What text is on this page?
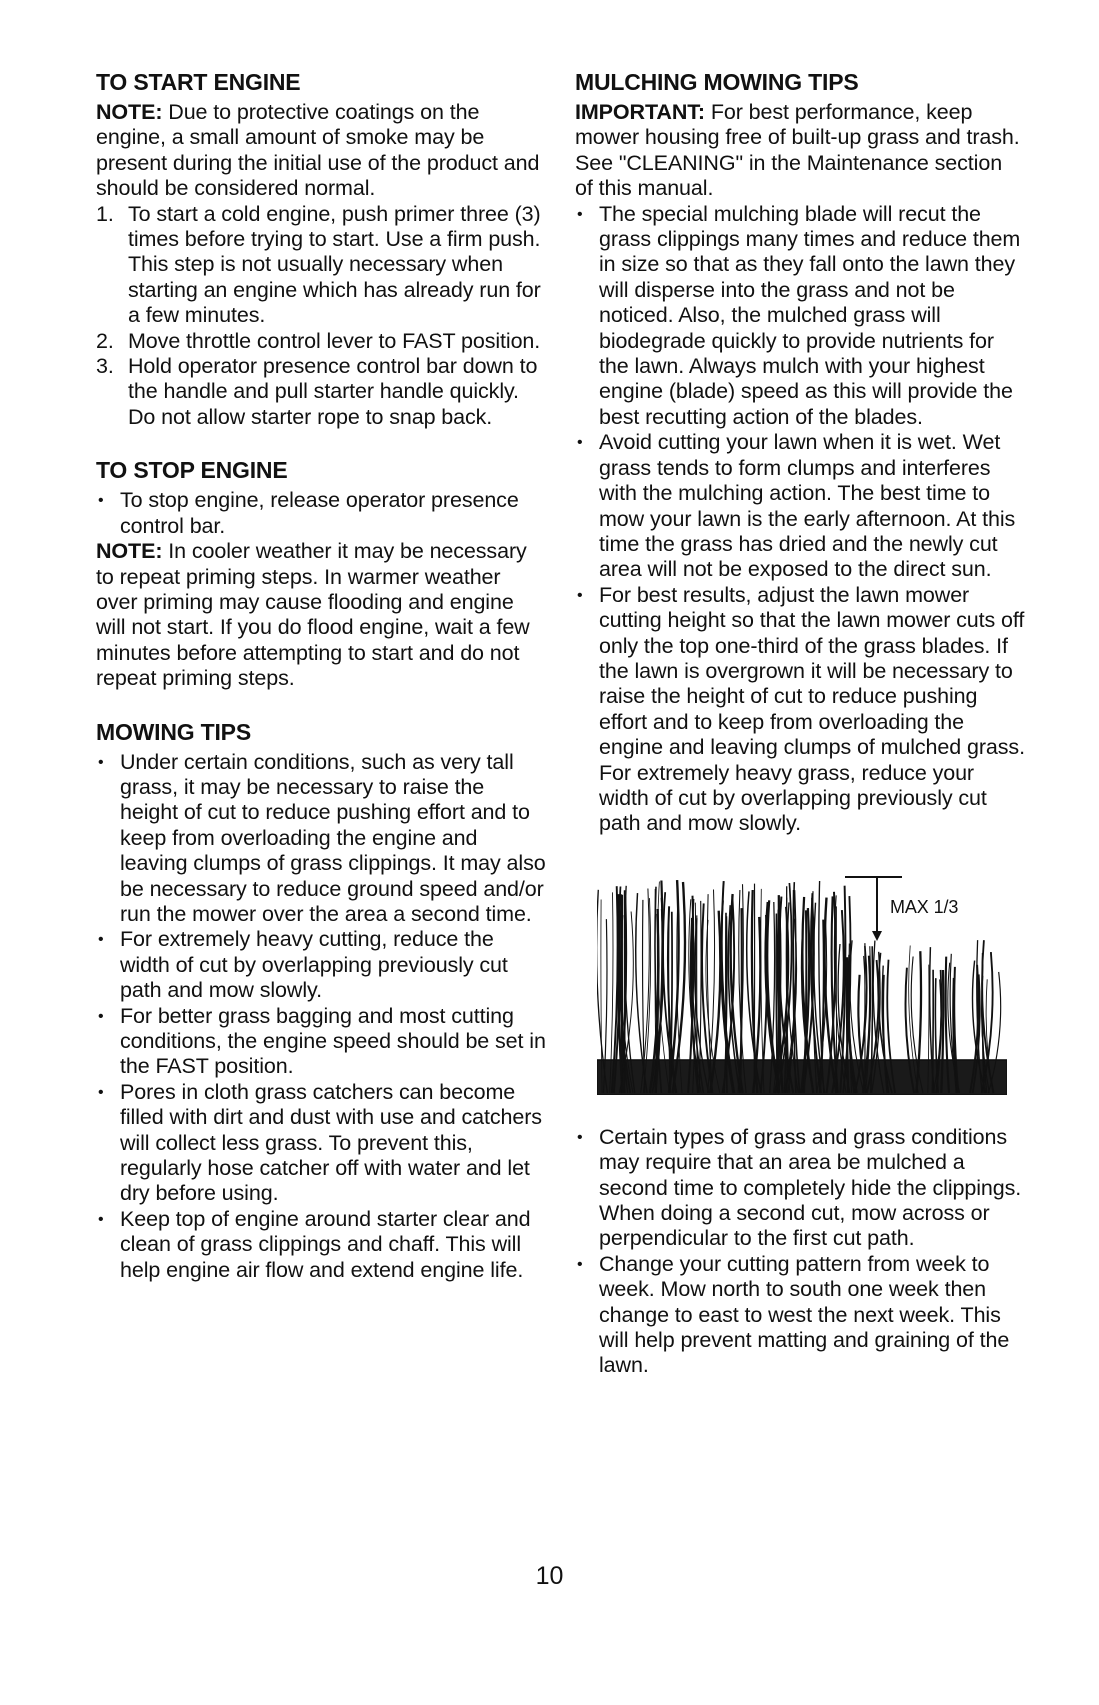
TO START ENGINE

NOTE: Due to protective coatings on the engine, a small amount of smoke may be present during the initial use of the product and should be considered normal.

1. To start a cold engine, push primer three (3) times before trying to start. Use a firm push. This step is not usually necessary when starting an engine which has already run for a few minutes.
2. Move throttle control lever to FAST position.
3. Hold operator presence control bar down to the handle and pull starter handle quickly. Do not allow starter rope to snap back.
TO STOP ENGINE
• To stop engine, release operator presence control bar.

NOTE: In cooler weather it may be necessary to repeat priming steps. In warmer weather over priming may cause flooding and engine will not start. If you do flood engine, wait a few minutes before attempting to start and do not repeat priming steps.

MOWING TIPS
• Under certain conditions, such as very tall grass, it may be necessary to raise the height of cut to reduce pushing effort and to keep from overloading the engine and leaving clumps of grass clippings. It may also be necessary to reduce ground speed and/or run the mower over the area a second time.
• For extremely heavy cutting, reduce the width of cut by overlapping previously cut path and mow slowly.
• For better grass bagging and most cutting conditions, the engine speed should be set in the FAST position.
• Pores in cloth grass catchers can become filled with dirt and dust with use and catchers will collect less grass. To prevent this, regularly hose catcher off with water and let dry before using.
• Keep top of engine around starter clear and clean of grass clippings and chaff. This will help engine air flow and extend engine life.
MULCHING MOWING TIPS

IMPORTANT: For best performance, keep mower housing free of built-up grass and trash. See "CLEANING" in the Maintenance section of this manual.

• The special mulching blade will recut the grass clippings many times and reduce them in size so that as they fall onto the lawn they will disperse into the grass and not be noticed. Also, the mulched grass will biodegrade quickly to provide nutrients for the lawn. Always mulch with your highest engine (blade) speed as this will provide the best recutting action of the blades.
• Avoid cutting your lawn when it is wet. Wet grass tends to form clumps and interferes with the mulching action. The best time to mow your lawn is the early afternoon. At this time the grass has dried and the newly cut area will not be exposed to the direct sun.
• For best results, adjust the lawn mower cutting height so that the lawn mower cuts off only the top one-third of the grass blades. If the lawn is overgrown it will be necessary to raise the height of cut to reduce pushing effort and to keep from overloading the engine and leaving clumps of mulched grass. For extremely heavy grass, reduce your width of cut by overlapping previously cut path and mow slowly.
MAX 1/3
• Certain types of grass and grass conditions may require that an area be mulched a second time to completely hide the clippings. When doing a second cut, mow across or perpendicular to the first cut path.
• Change your cutting pattern from week to week. Mow north to south one week then change to east to west the next week. This will help prevent matting and graining of the lawn.
10
